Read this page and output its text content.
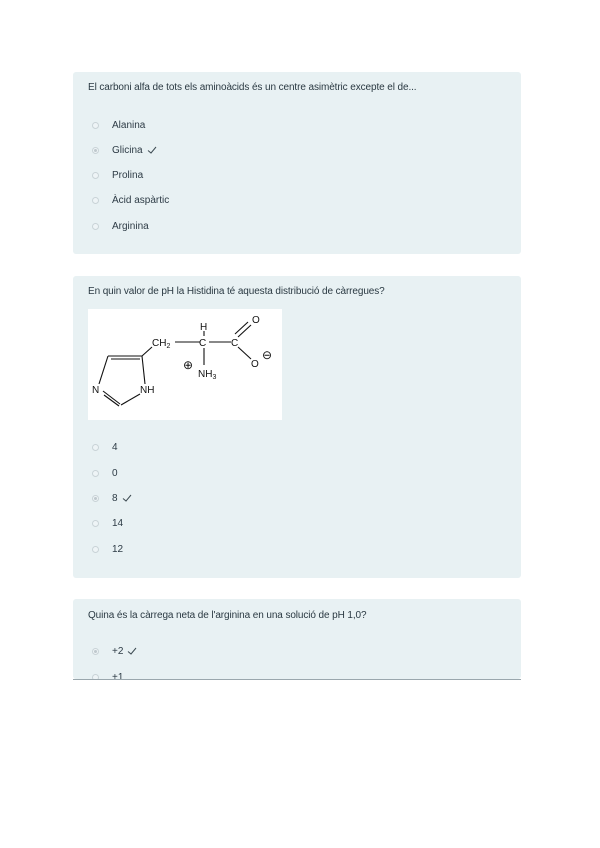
El carboni alfa de tots els aminoàcids és un centre asimètric excepte el de...
Alanina
Glicina
Prolina
Àcid aspàrtic
Arginina
En quin valor de pH la Histidina té aquesta distribució de càrregues?
N	NH
$CH_2$
H
C C
O
O
⊖
⊕
$NH_3$
4
0
8
14
12
Quina és la càrrega neta de l'arginina en una solució de pH 1,0?
+2
+1
